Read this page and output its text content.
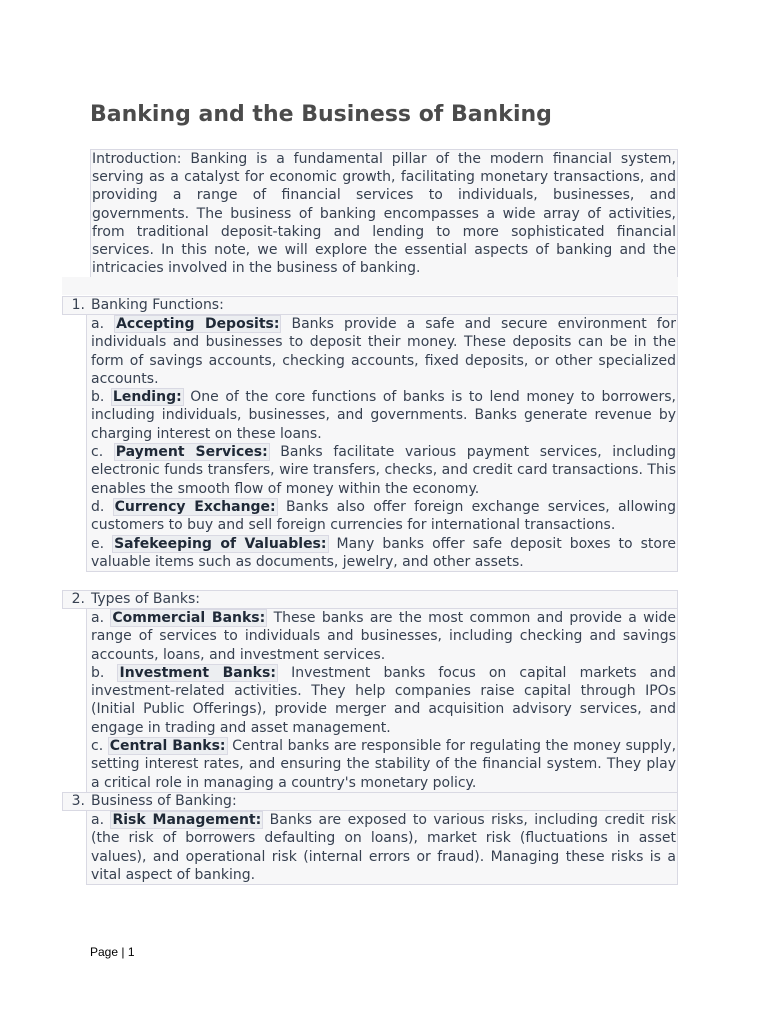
Banking and the Business of Banking

Introduction: Banking is a fundamental pillar of the modern financial system, serving as a catalyst for economic growth, facilitating monetary transactions, and providing a range of financial services to individuals, businesses, and governments. The business of banking encompasses a wide array of activities, from traditional deposit-taking and lending to more sophisticated financial services. In this note, we will explore the essential aspects of banking and the intricacies involved in the business of banking.

1. Banking Functions:

a. Accepting Deposits: Banks provide a safe and secure environment for individuals and businesses to deposit their money. These deposits can be in the form of savings accounts, checking accounts, fixed deposits, or other specialized accounts.

b. Lending: One of the core functions of banks is to lend money to borrowers, including individuals, businesses, and governments. Banks generate revenue by charging interest on these loans.

c. Payment Services: Banks facilitate various payment services, including electronic funds transfers, wire transfers, checks, and credit card transactions. This enables the smooth flow of money within the economy.

d. Currency Exchange: Banks also offer foreign exchange services, allowing customers to buy and sell foreign currencies for international transactions.

e. Safekeeping of Valuables: Many banks offer safe deposit boxes to store valuable items such as documents, jewelry, and other assets.

2. Types of Banks:

a. Commercial Banks: These banks are the most common and provide a wide range of services to individuals and businesses, including checking and savings accounts, loans, and investment services.

b. Investment Banks: Investment banks focus on capital markets and investment-related activities. They help companies raise capital through IPOs (Initial Public Offerings), provide merger and acquisition advisory services, and engage in trading and asset management.

c. Central Banks: Central banks are responsible for regulating the money supply, setting interest rates, and ensuring the stability of the financial system. They play a critical role in managing a country's monetary policy.

3. Business of Banking:

a. Risk Management: Banks are exposed to various risks, including credit risk (the risk of borrowers defaulting on loans), market risk (fluctuations in asset values), and operational risk (internal errors or fraud). Managing these risks is a vital aspect of banking.

Page | 1
